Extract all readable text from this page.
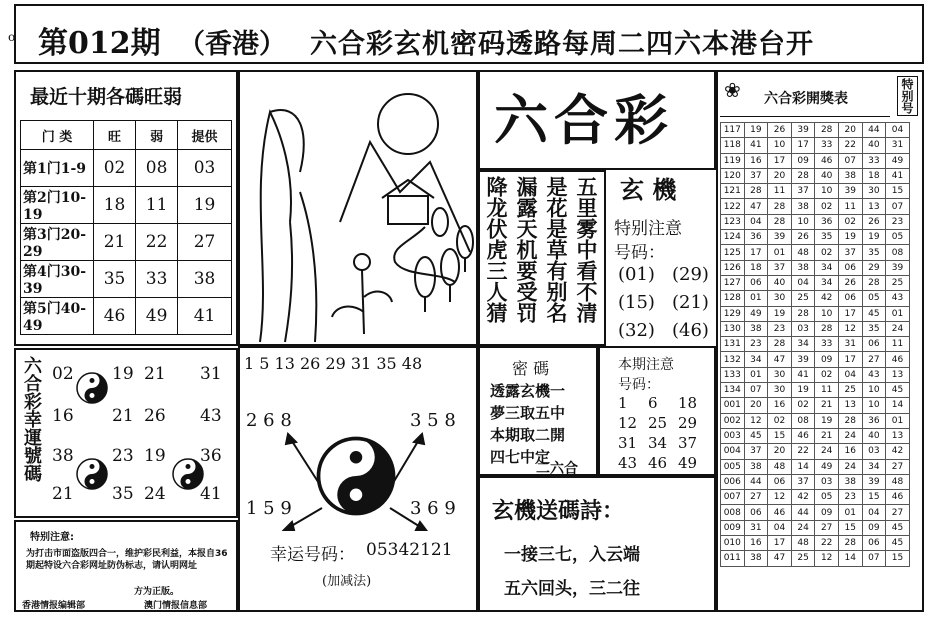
o 第012期 （香港） 六合彩玄机密码透路每周二四六本港台开
最近十期各碼旺弱
门 类	旺	弱	提供
第1门1-9	02	08	03
第2门10-19	18	11	19
第3门20-29	21	22	27
第4门30-39	35	33	38
第5门40-49	46	49	41
六合彩幸運號碼 02 19 21 31
16 21 26 43
38 23 19 36
21 35 24 41
特别注意:
为打击市面盗版四合一，维护彩民利益，本报自36期起特设六合彩网址防伪标志，请认明网址
方为正版。
香港情报编辑部	澳门情报信息部
六合彩
玄 機
五里雾中看不清
是花是草有别名
漏露天机要受罚
降龙伏虎三人猜	特别注意
号码：
(01) (29)
(15) (21)
(32) (46)
1 5 13 26 29 31 35 48
2 6 8	3 5 8
1 5 9	3 6 9
幸运号码： 05342121
(加减法)
密 碼
透露玄機一
夢三取五中
本期取二開
四七中定
二六合
本期注意
号码：
1 6 18
12 25 29
31 34 37
43 46 49
玄機送碼詩：
一接三七，入云端
五六回头，三二往
❀ 六合彩開獎表	特别号
117	19	26	39	28	20	44	04
118	41	10	17	33	22	40	31
119	16	17	09	46	07	33	49
120	37	20	28	40	38	18	41
121	28	11	37	10	39	30	15
122	47	28	38	02	11	13	07
123	04	28	10	36	02	26	23
124	36	39	26	35	19	19	05
125	17	01	48	02	37	35	08
126	18	37	38	34	06	29	39
127	06	40	04	34	26	28	25
128	01	30	25	42	06	05	43
129	49	19	28	10	17	45	01
130	38	23	03	28	12	35	24
131	23	28	34	33	31	06	11
132	34	47	39	09	17	27	46
133	01	30	41	02	04	43	13
134	07	30	19	11	25	10	45
001	20	16	02	21	13	10	14
002	12	02	08	19	28	36	01
003	45	15	46	21	24	40	13
004	37	20	22	24	16	03	42
005	38	48	14	49	24	34	27
006	44	06	37	03	38	39	48
007	27	12	42	05	23	15	46
008	06	46	44	09	01	04	27
009	31	04	24	27	15	09	45
010	16	17	48	22	28	06	45
011	38	47	25	12	14	07	15
